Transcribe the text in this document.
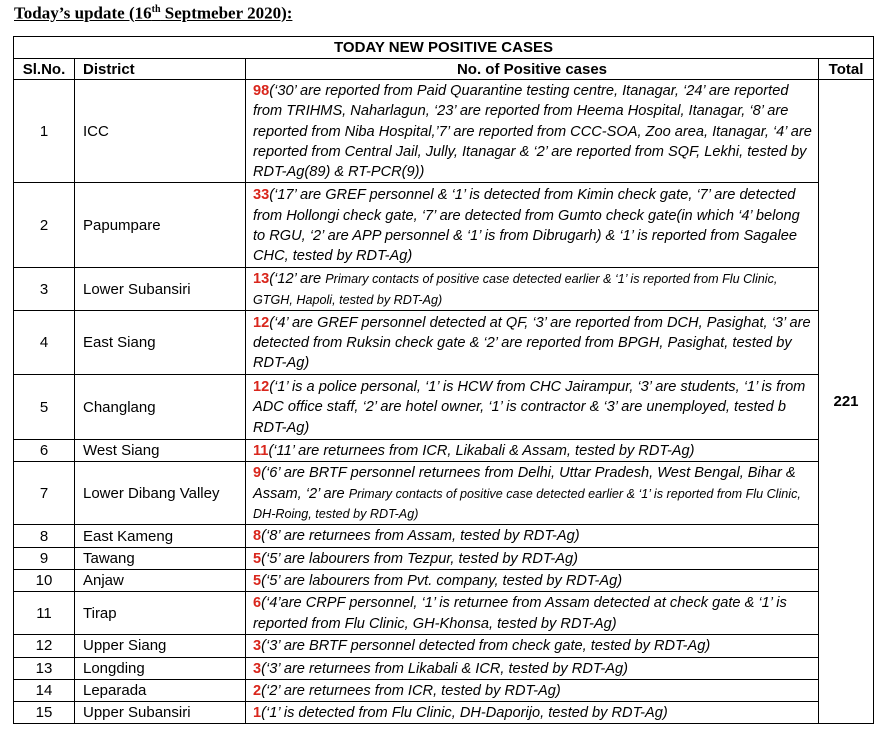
Today’s update (16th Septmeber 2020):
TODAY NEW POSITIVE CASES			
Sl.No.	District	No. of Positive cases	Total
1	ICC	98(‘30’ are reported from Paid Quarantine testing centre, Itanagar, ‘24’ are reported from TRIHMS, Naharlagun, ‘23’ are reported from Heema Hospital, Itanagar, ‘8’ are reported from Niba Hospital,’7’ are reported from CCC-SOA, Zoo area, Itanagar, ‘4’ are reported from Central Jail, Jully, Itanagar & ‘2’ are reported from SQF, Lekhi, tested by RDT-Ag(89) & RT-PCR(9))	221
2	Papumpare	33(‘17’ are GREF personnel & ‘1’ is detected from Kimin check gate, ‘7’ are detected from Hollongi check gate, ‘7’ are detected from Gumto check gate(in which ‘4’ belong to RGU, ‘2’ are APP personnel & ‘1’ is from Dibrugarh) & ‘1’ is reported from Sagalee CHC, tested by RDT-Ag)	
3	Lower Subansiri	13(‘12’ are Primary contacts of positive case detected earlier & ‘1’ is reported from Flu Clinic, GTGH, Hapoli, tested by RDT-Ag)	
4	East Siang	12(‘4’ are GREF personnel detected at QF, ‘3’ are reported from DCH, Pasighat, ‘3’ are detected from Ruksin check gate & ‘2’ are reported from BPGH, Pasighat, tested by RDT-Ag)	
5	Changlang	12(‘1’ is a police personal, ‘1’ is HCW from CHC Jairampur, ‘3’ are students, ‘1’ is from ADC office staff, ‘2’ are hotel owner, ‘1’ is contractor & ‘3’ are unemployed, tested b RDT-Ag)	
6	West Siang	11(‘11’ are returnees from ICR, Likabali & Assam, tested by RDT-Ag)	
7	Lower Dibang Valley	9(‘6’ are BRTF personnel returnees from Delhi, Uttar Pradesh, West Bengal, Bihar & Assam, ‘2’ are Primary contacts of positive case detected earlier & ‘1’ is reported from Flu Clinic, DH-Roing, tested by RDT-Ag)	
8	East Kameng	8(‘8’ are returnees from Assam, tested by RDT-Ag)	
9	Tawang	5(‘5’ are labourers from Tezpur, tested by RDT-Ag)	
10	Anjaw	5(‘5’ are labourers from Pvt. company, tested by RDT-Ag)	
11	Tirap	6(‘4’are CRPF personnel, ‘1’ is returnee from Assam detected at check gate & ‘1’ is reported from Flu Clinic, GH-Khonsa, tested by RDT-Ag)	
12	Upper Siang	3(‘3’ are BRTF personnel detected from check gate, tested by RDT-Ag)	
13	Longding	3(‘3’ are returnees from Likabali & ICR, tested by RDT-Ag)	
14	Leparada	2(‘2’ are returnees from ICR, tested by RDT-Ag)	
15	Upper Subansiri	1(‘1’ is detected from Flu Clinic, DH-Daporijo, tested by RDT-Ag)	
